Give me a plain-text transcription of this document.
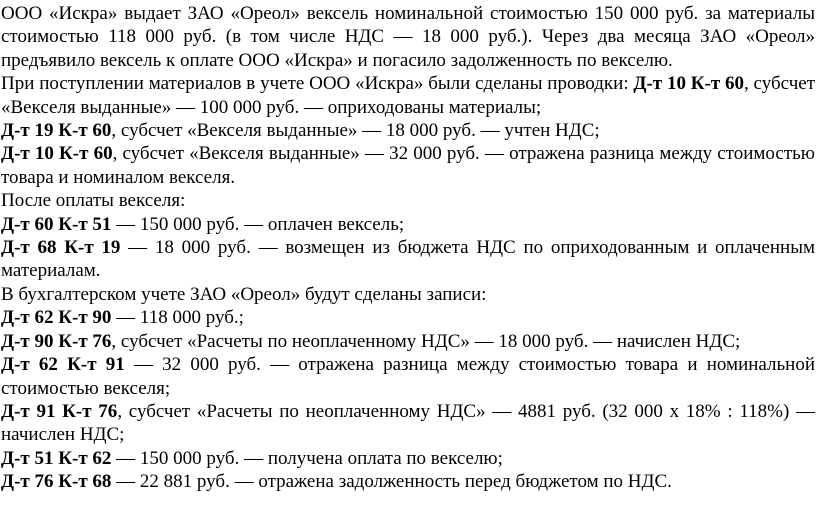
ООО «Искра» выдает ЗАО «Ореол» вексель номинальной стоимостью 150 000 руб. за материалы стоимостью 118 000 руб. (в том числе НДС — 18 000 руб.). Через два месяца ЗАО «Ореол» предъявило вексель к оплате ООО «Искра» и погасило задолженность по векселю.

При поступлении материалов в учете ООО «Искра» были сделаны проводки: Д-т 10 К-т 60, субсчет «Векселя выданные» — 100 000 руб. — оприходованы материалы;

Д-т 19 К-т 60, субсчет «Векселя выданные» — 18 000 руб. — учтен НДС;

Д-т 10 К-т 60, субсчет «Векселя выданные» — 32 000 руб. — отражена разница между стоимостью товара и номиналом векселя.

После оплаты векселя:

Д-т 60 К-т 51 — 150 000 руб. — оплачен вексель;

Д-т 68 К-т 19 — 18 000 руб. — возмещен из бюджета НДС по оприходованным и оплаченным материалам.

В бухгалтерском учете ЗАО «Ореол» будут сделаны записи:

Д-т 62 К-т 90 — 118 000 руб.;

Д-т 90 К-т 76, субсчет «Расчеты по неоплаченному НДС» — 18 000 руб. — начислен НДС;

Д-т 62 К-т 91 — 32 000 руб. — отражена разница между стоимостью товара и номинальной стоимостью векселя;

Д-т 91 К-т 76, субсчет «Расчеты по неоплаченному НДС» — 4881 руб. (32 000 х 18% : 118%) — начислен НДС;

Д-т 51 К-т 62 — 150 000 руб. — получена оплата по векселю;

Д-т 76 К-т 68 — 22 881 руб. — отражена задолженность перед бюджетом по НДС.
